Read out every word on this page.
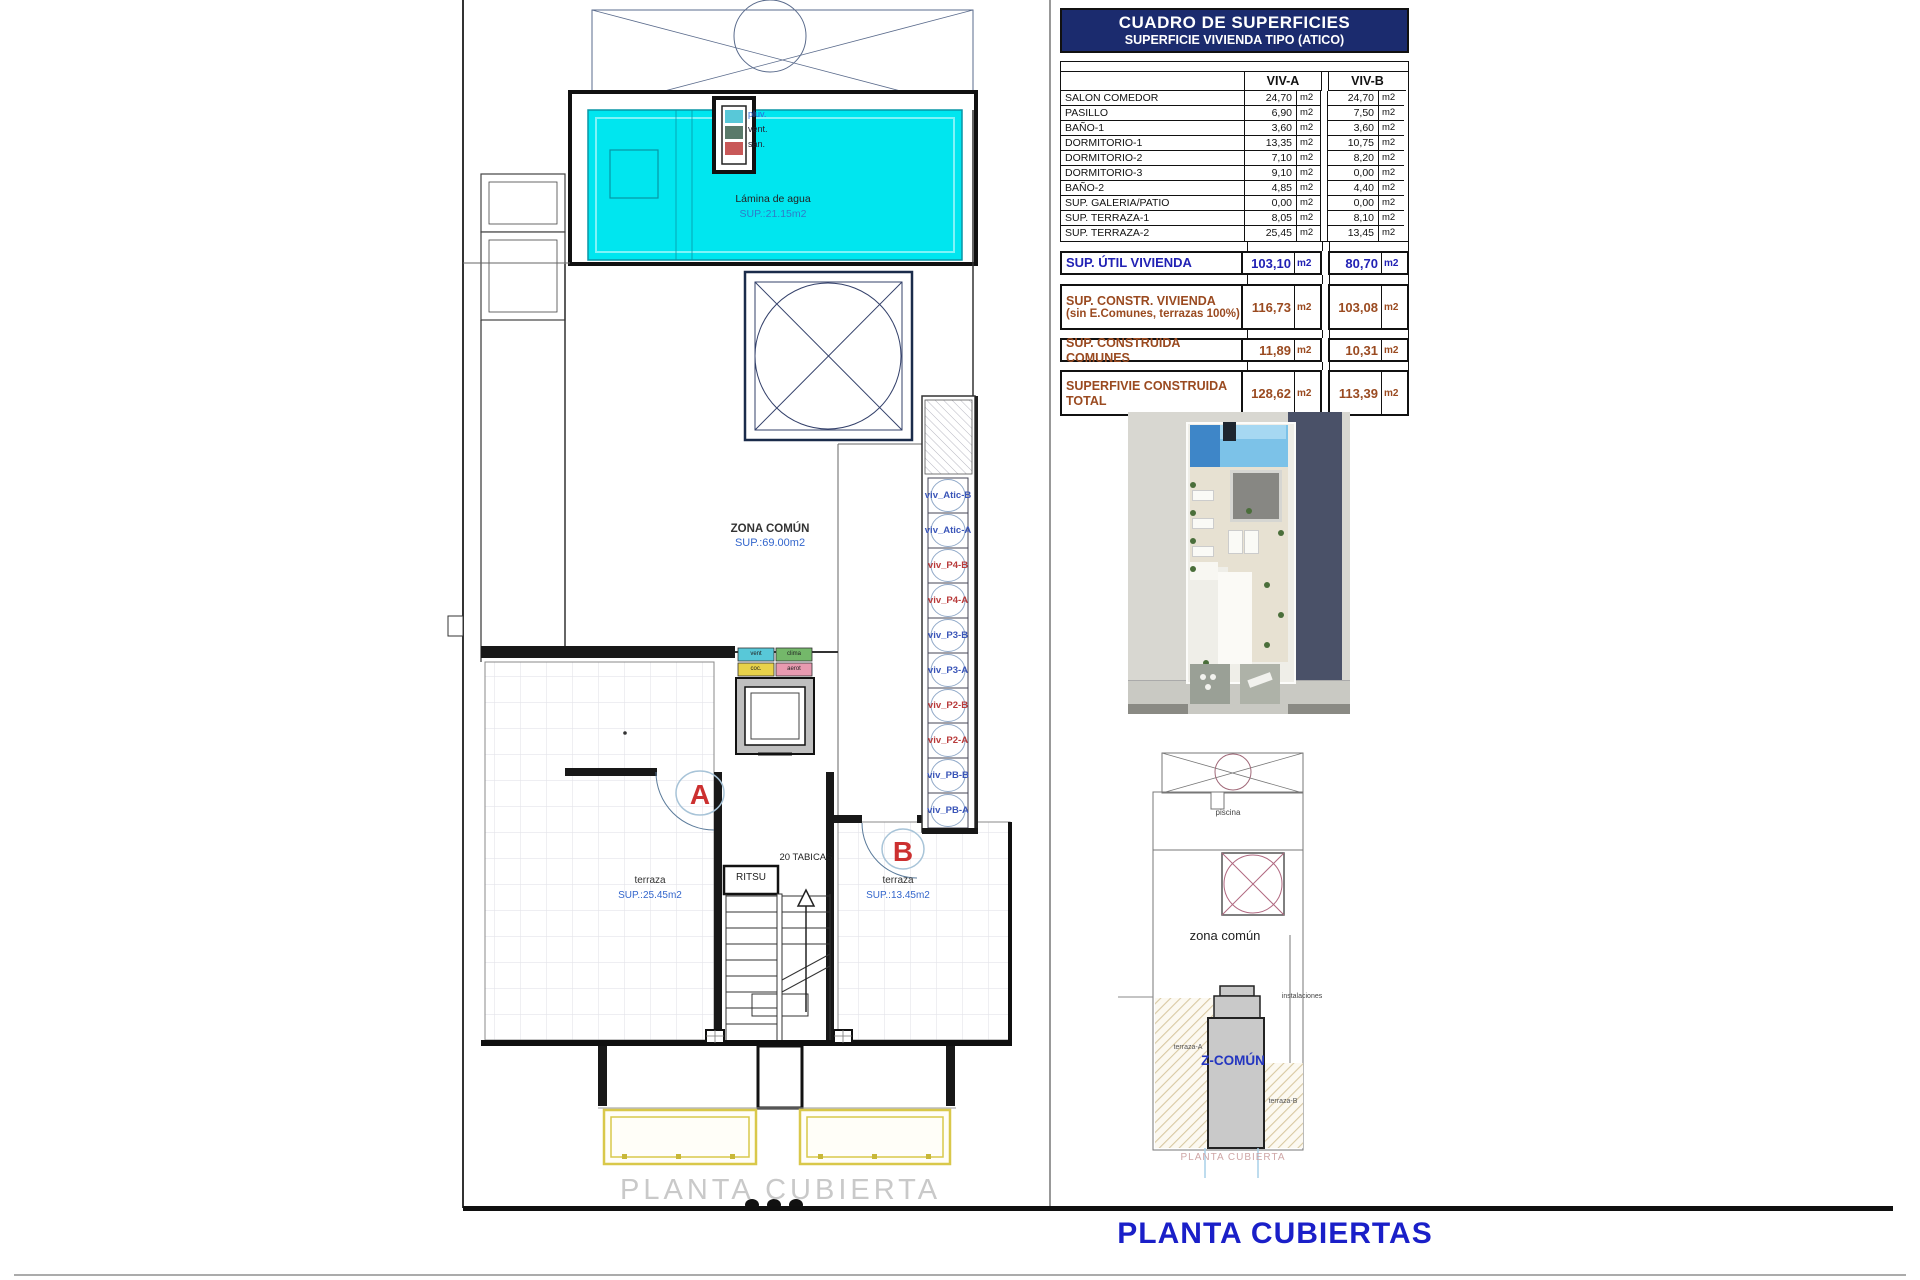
pluv.
vent.
san.
Lámina de agua
SUP.:21.15m2
ZONA COMÚN
SUP.:69.00m2
vent	clima
coc.	aerot
A
B
RITSU
20 TABICAS
terraza
SUP.:25.45m2
terraza
SUP.:13.45m2
viv_Atic-B
viv_Atic-A
viv_P4-B
viv_P4-A
viv_P3-B
viv_P3-A
viv_P2-B
viv_P2-A
viv_PB-B
viv_PB-A
PLANTA CUBIERTA
PLANTA CUBIERTAS
CUADRO DE SUPERFICIES
SUPERFICIE VIVIENDA TIPO (ATICO)
VIV-A	VIV-B
SALON COMEDOR	24,70 m2	24,70 m2
PASILLO	6,90 m2	7,50 m2
BAÑO-1	3,60 m2	3,60 m2
DORMITORIO-1	13,35 m2	10,75 m2
DORMITORIO-2	7,10 m2	8,20 m2
DORMITORIO-3	9,10 m2	0,00 m2
BAÑO-2	4,85 m2	4,40 m2
SUP. GALERIA/PATIO	0,00 m2	0,00 m2
SUP. TERRAZA-1	8,05 m2	8,10 m2
SUP. TERRAZA-2	25,45 m2	13,45 m2
SUP. ÚTIL VIVIENDA	103,10 m2	80,70 m2
SUP. CONSTR. VIVIENDA
(sin E.Comunes, terrazas 100%) 116,73 m2	103,08 m2
SUP. CONSTRUIDA COMUNES	11,89 m2	10,31 m2
SUPERFIVIE CONSTRUIDA
TOTAL	128,62 m2	113,39 m2
piscina
zona común
instalaciones
terraza-A
terraza-B
Z-COMÚN
PLANTA CUBIERTA
